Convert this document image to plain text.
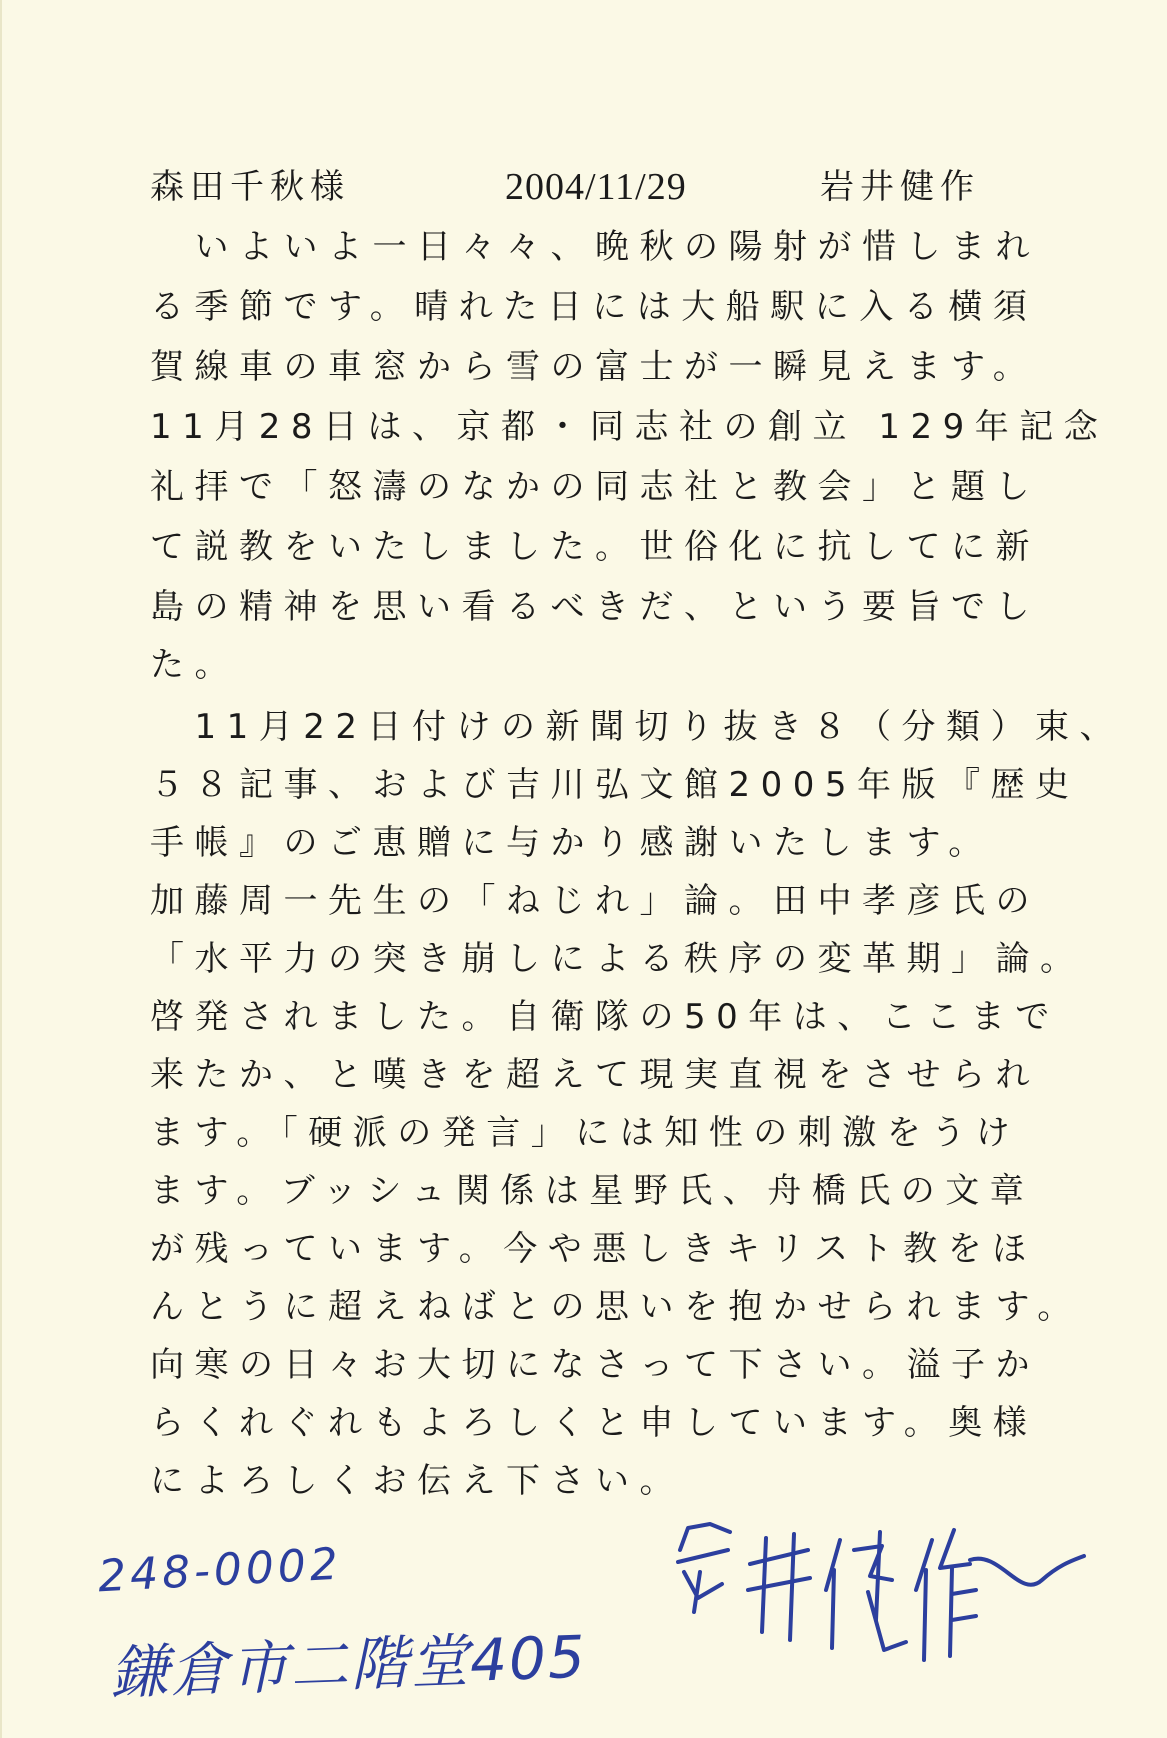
森田千秋様	2004/11/29	岩井健作
　いよいよ一日々々、晩秋の陽射が惜しまれ
る季節です。晴れた日には大船駅に入る横須
賀線車の車窓から雪の富士が一瞬見えます。
11月28日は、京都・同志社の創立 129年記念
礼拝で「怒濤のなかの同志社と教会」と題し
て説教をいたしました。世俗化に抗してに新
島の精神を思い看るべきだ、という要旨でし
た。
　11月22日付けの新聞切り抜き８（分類）束、
５８記事、および吉川弘文館2005年版『歴史
手帳』のご恵贈に与かり感謝いたします。
加藤周一先生の「ねじれ」論。田中孝彦氏の
「水平力の突き崩しによる秩序の変革期」論。
啓発されました。自衛隊の50年は、ここまで
来たか、と嘆きを超えて現実直視をさせられ
ます。「硬派の発言」には知性の刺激をうけ
ます。ブッシュ関係は星野氏、舟橋氏の文章
が残っています。今や悪しきキリスト教をほ
んとうに超えねばとの思いを抱かせられます。
向寒の日々お大切になさって下さい。溢子か
らくれぐれもよろしくと申しています。奥様
によろしくお伝え下さい。
248-0002
鎌倉市二階堂405
